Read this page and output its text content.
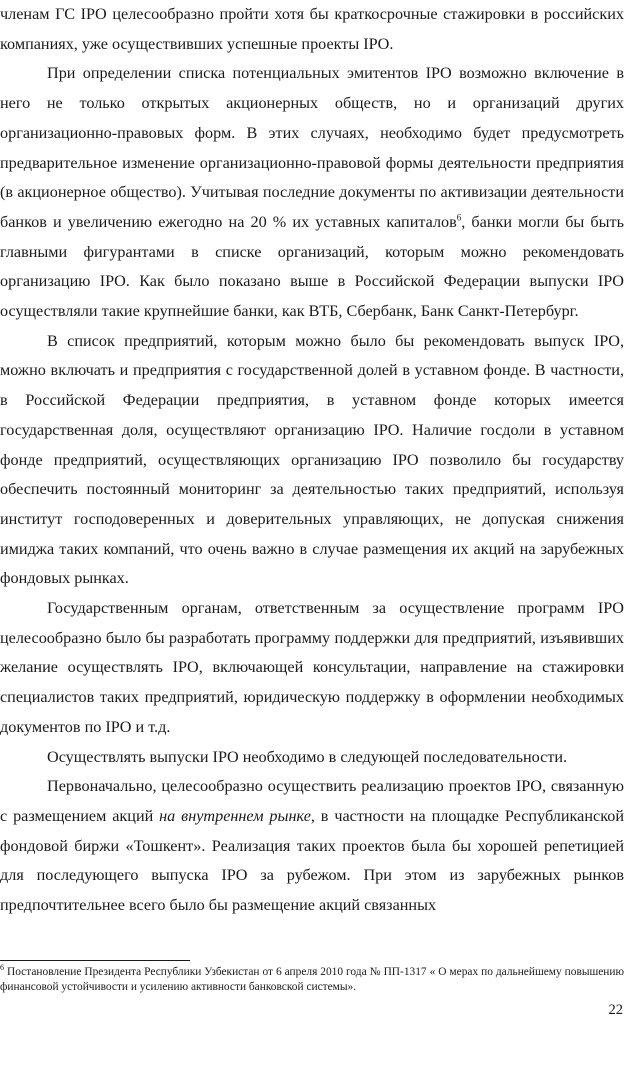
членам ГС IPO целесообразно пройти хотя бы краткосрочные стажировки в российских компаниях, уже осуществивших успешные проекты IPO.

При определении списка потенциальных эмитентов IPO возможно включение в него не только открытых акционерных обществ, но и организаций других организационно-правовых форм. В этих случаях, необходимо будет предусмотреть предварительное изменение организационно-правовой формы деятельности предприятия (в акционерное общество). Учитывая последние документы по активизации деятельности банков и увеличению ежегодно на 20 % их уставных капиталов$^6$, банки могли бы быть главными фигурантами в списке организаций, которым можно рекомендовать организацию IPO. Как было показано выше в Российской Федерации выпуски IPO осуществляли такие крупнейшие банки, как ВТБ, Сбербанк, Банк Санкт-Петербург.

В список предприятий, которым можно было бы рекомендовать выпуск IPO, можно включать и предприятия с государственной долей в уставном фонде. В частности, в Российской Федерации предприятия, в уставном фонде которых имеется государственная доля, осуществляют организацию IPO. Наличие госдоли в уставном фонде предприятий, осуществляющих организацию IPO позволило бы государству обеспечить постоянный мониторинг за деятельностью таких предприятий, используя институт господоверенных и доверительных управляющих, не допуская снижения имиджа таких компаний, что очень важно в случае размещения их акций на зарубежных фондовых рынках.

Государственным органам, ответственным за осуществление программ IPO целесообразно было бы разработать программу поддержки для предприятий, изъявивших желание осуществлять IPO, включающей консультации, направление на стажировки специалистов таких предприятий, юридическую поддержку в оформлении необходимых документов по IPO и т.д.

Осуществлять выпуски IPO необходимо в следующей последовательности.

Первоначально, целесообразно осуществить реализацию проектов IPO, связанную с размещением акций на внутреннем рынке, в частности на площадке Республиканской фондовой биржи «Тошкент». Реализация таких проектов была бы хорошей репетицией для последующего выпуска IPO за рубежом. При этом из зарубежных рынков предпочтительнее всего было бы размещение акций связанных

$^6$ Постановление Президента Республики Узбекистан от 6 апреля 2010 года № ПП-1317 « О мерах по дальнейшему повышению финансовой устойчивости и усилению активности банковской системы».
22
